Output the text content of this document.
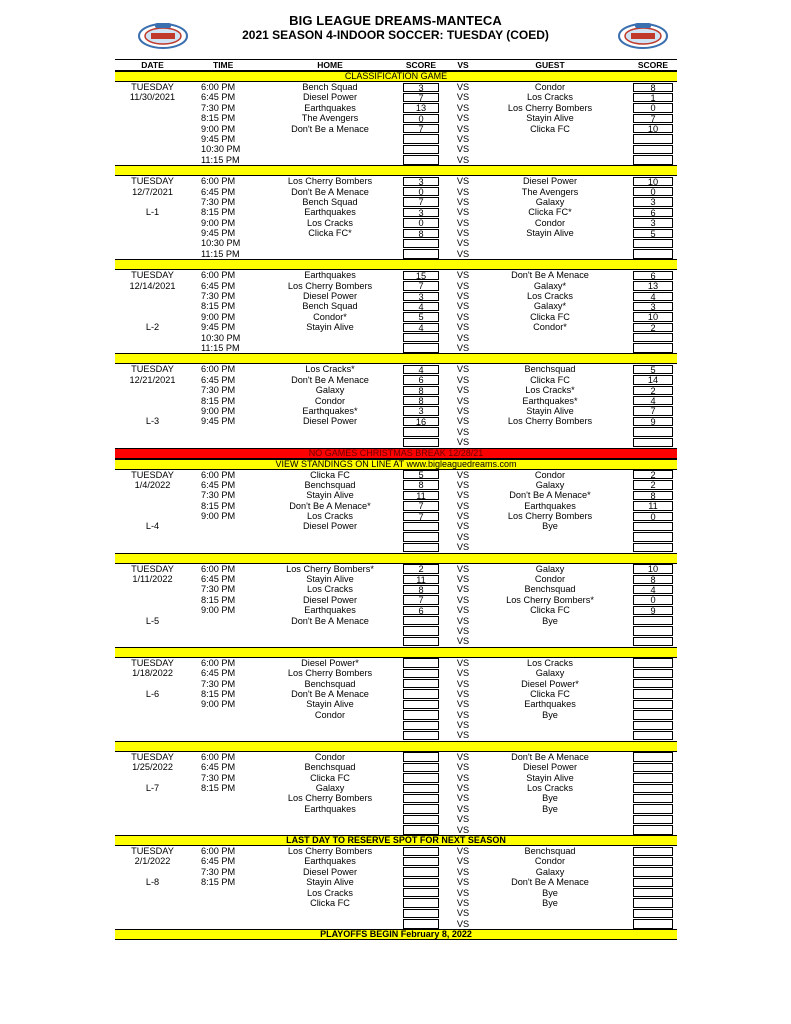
BIG LEAGUE DREAMS-MANTECA
2021 SEASON 4-INDOOR SOCCER: TUESDAY (COED)
DATE	TIME	HOME	SCORE	VS	GUEST	SCORE
CLASSIFICATION GAME
TUESDAY	6:00 PM	Bench Squad	3	VS	Condor	8
11/30/2021	6:45 PM	Diesel Power	7	VS	Los Cracks	1
7:30 PM	Earthquakes	13	VS	Los Cherry Bombers	0
8:15 PM	The Avengers	0	VS	Stayin Alive	7
9:00 PM	Don't Be a Menace	7	VS	Clicka FC	10
9:45 PM	VS
10:30 PM	VS
11:15 PM	VS
TUESDAY	6:00 PM	Los Cherry Bombers	3	VS	Diesel Power	10
12/7/2021	6:45 PM	Don't Be A Menace	0	VS	The Avengers	0
7:30 PM	Bench Squad	7	VS	Galaxy	3
L-1	8:15 PM	Earthquakes	3	VS	Clicka FC*	6
9:00 PM	Los Cracks	0	VS	Condor	3
9:45 PM	Clicka FC*	8	VS	Stayin Alive	5
10:30 PM	VS
11:15 PM	VS
TUESDAY	6:00 PM	Earthquakes	15	VS	Don't Be A Menace	6
12/14/2021	6:45 PM	Los Cherry Bombers	7	VS	Galaxy*	13
7:30 PM	Diesel Power	3	VS	Los Cracks	4
8:15 PM	Bench Squad	4	VS	Galaxy*	3
9:00 PM	Condor*	5	VS	Clicka FC	10
L-2	9:45 PM	Stayin Alive	4	VS	Condor*	2
10:30 PM	VS
11:15 PM	VS
TUESDAY	6:00 PM	Los Cracks*	4	VS	Benchsquad	5
12/21/2021	6:45 PM	Don't Be A Menace	6	VS	Clicka FC	14
7:30 PM	Galaxy	8	VS	Los Cracks*	2
8:15 PM	Condor	8	VS	Earthquakes*	4
9:00 PM	Earthquakes*	3	VS	Stayin Alive	7
L-3	9:45 PM	Diesel Power	16	VS	Los Cherry Bombers	9
VS
VS
NO GAMES CHRISTMAS BREAK 12/28/21
VIEW STANDINGS ON LINE AT www.bigleaguedreams.com
TUESDAY	6:00 PM	Clicka FC	5	VS	Condor	2
1/4/2022	6:45 PM	Benchsquad	8	VS	Galaxy	2
7:30 PM	Stayin Alive	11	VS	Don't Be A Menace*	8
8:15 PM	Don't Be A Menace*	7	VS	Earthquakes	11
9:00 PM	Los Cracks	7	VS	Los Cherry Bombers	0
L-4	Diesel Power	VS	Bye
VS
VS
TUESDAY	6:00 PM	Los Cherry Bombers*	2	VS	Galaxy	10
1/11/2022	6:45 PM	Stayin Alive	11	VS	Condor	8
7:30 PM	Los Cracks	8	VS	Benchsquad	4
8:15 PM	Diesel Power	7	VS	Los Cherry Bombers*	0
9:00 PM	Earthquakes	6	VS	Clicka FC	9
L-5	Don't Be A Menace	VS	Bye
VS
VS
TUESDAY	6:00 PM	Diesel Power*	VS	Los Cracks
1/18/2022	6:45 PM	Los Cherry Bombers	VS	Galaxy
7:30 PM	Benchsquad	VS	Diesel Power*
L-6	8:15 PM	Don't Be A Menace	VS	Clicka FC
9:00 PM	Stayin Alive	VS	Earthquakes
Condor	VS	Bye
VS
VS
TUESDAY	6:00 PM	Condor	VS	Don't Be A Menace
1/25/2022	6:45 PM	Benchsquad	VS	Diesel Power
7:30 PM	Clicka FC	VS	Stayin Alive
L-7	8:15 PM	Galaxy	VS	Los Cracks
Los Cherry Bombers	VS	Bye
Earthquakes	VS	Bye
VS
VS
LAST DAY TO RESERVE SPOT FOR NEXT SEASON
TUESDAY	6:00 PM	Los Cherry Bombers	VS	Benchsquad
2/1/2022	6:45 PM	Earthquakes	VS	Condor
7:30 PM	Diesel Power	VS	Galaxy
L-8	8:15 PM	Stayin Alive	VS	Don't Be A Menace
Los Cracks	VS	Bye
Clicka FC	VS	Bye
VS
VS
PLAYOFFS BEGIN February 8, 2022
